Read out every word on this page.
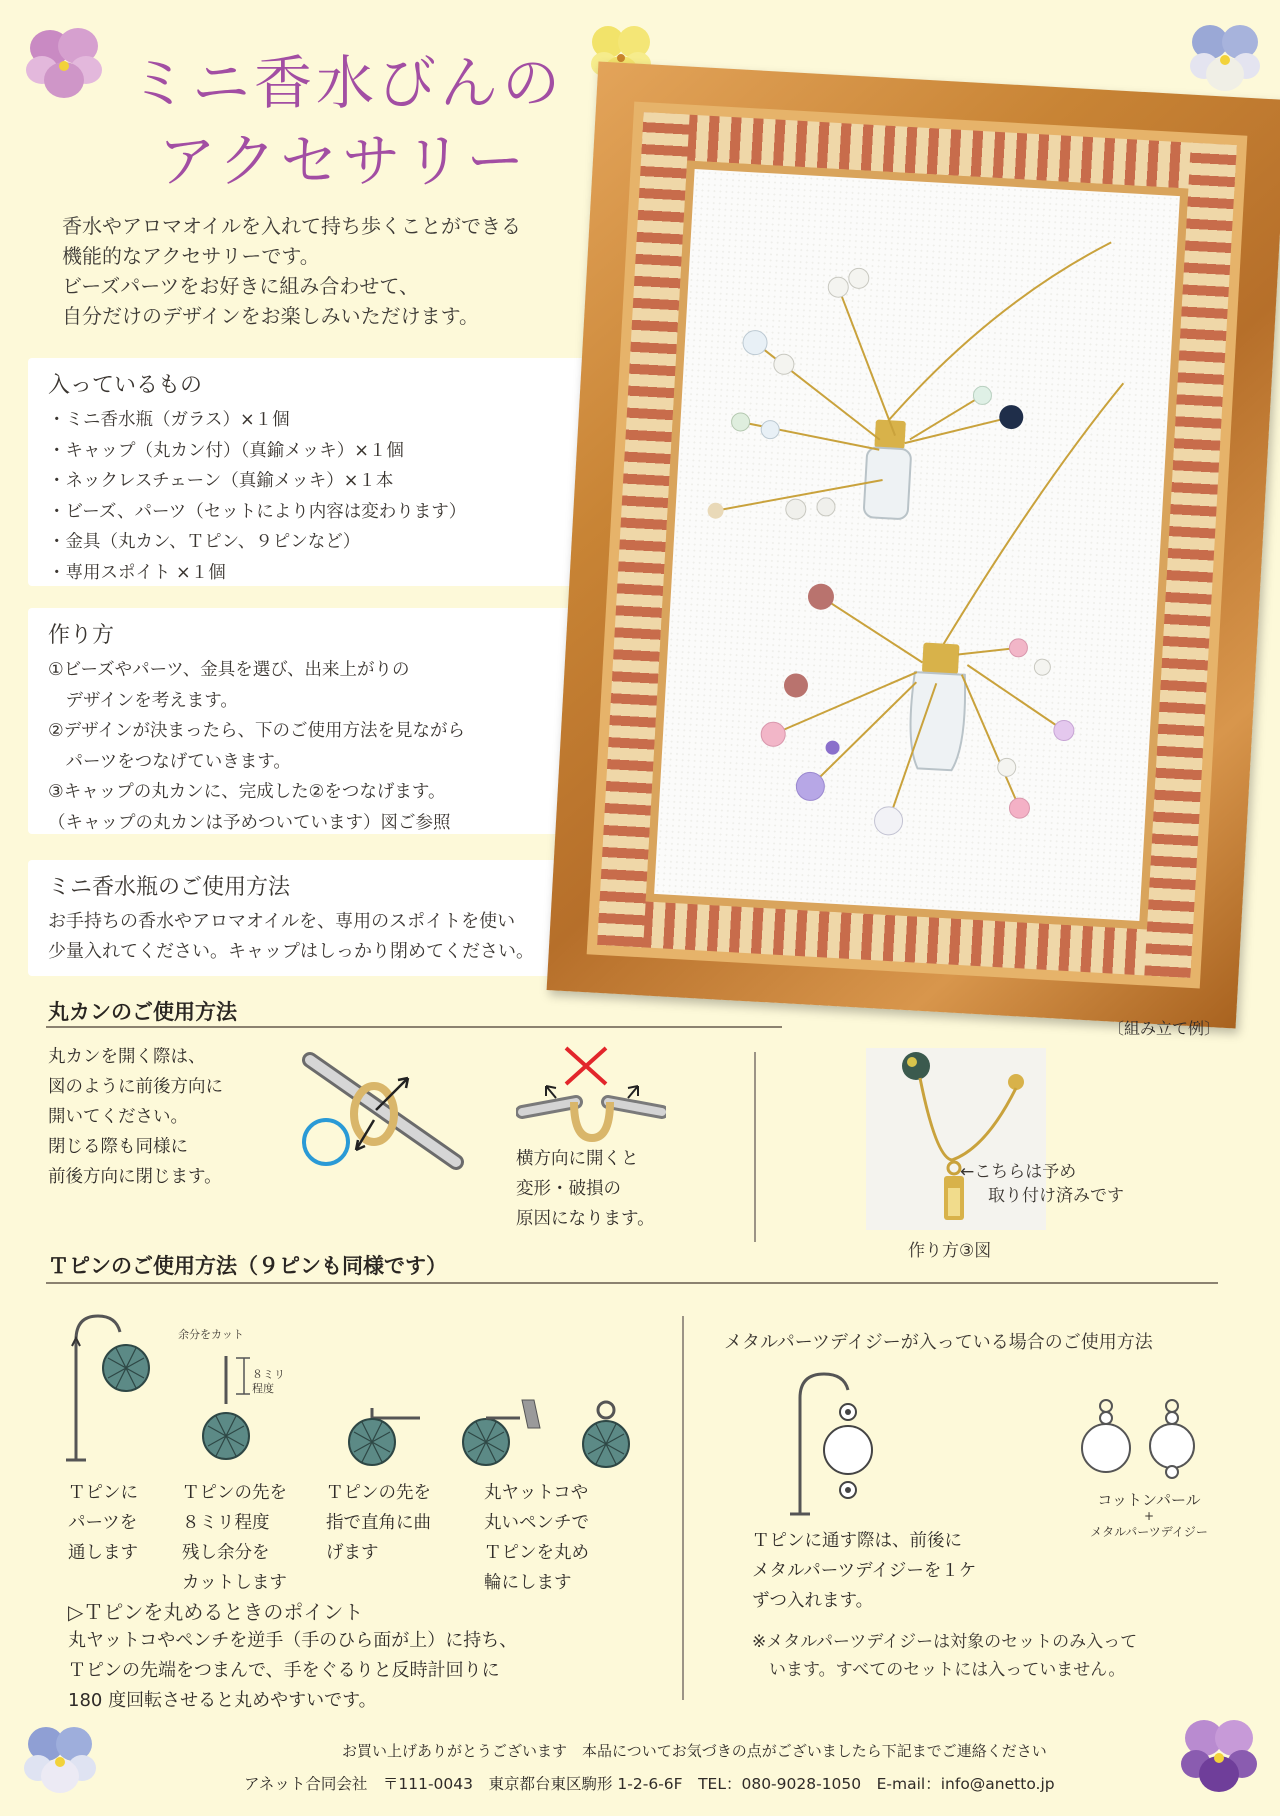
ミニ香水びんの
アクセサリー
香水やアロマオイルを入れて持ち歩くことができる
機能的なアクセサリーです。
ビーズパーツをお好きに組み合わせて、
自分だけのデザインをお楽しみいただけます。
入っているもの
・ミニ香水瓶（ガラス）×１個
・キャップ（丸カン付）（真鍮メッキ）×１個
・ネックレスチェーン（真鍮メッキ）×１本
・ビーズ、パーツ（セットにより内容は変わります）
・金具（丸カン、Ｔピン、９ピンなど）
・専用スポイト ×１個
作り方
①ビーズやパーツ、金具を選び、出来上がりの
　デザインを考えます。
②デザインが決まったら、下のご使用方法を見ながら
　パーツをつなげていきます。
③キャップの丸カンに、完成した②をつなげます。
（キャップの丸カンは予めついています）図ご参照
ミニ香水瓶のご使用方法

お手持ちの香水やアロマオイルを、専用のスポイトを使い

少量入れてください。キャップはしっかり閉めてください。

〔組み立て例〕
丸カンのご使用方法
丸カンを開く際は、
図のように前後方向に
開いてください。
閉じる際も同様に
前後方向に閉じます。
横方向に開くと
変形・破損の
原因になります。
←こちらは予め
取り付け済みです
作り方③図
Ｔピンのご使用方法（９ピンも同様です）
余分をカット
８ミリ
程度
Ｔピンに
パーツを
通します
Ｔピンの先を
８ミリ程度
残し余分を
カットします
Ｔピンの先を
指で直角に曲
げます
丸ヤットコや
丸いペンチで
Ｔピンを丸め
輪にします
▷Ｔピンを丸めるときのポイント
丸ヤットコやペンチを逆手（手のひら面が上）に持ち、
Ｔピンの先端をつまんで、手をぐるりと反時計回りに
180 度回転させると丸めやすいです。
メタルパーツデイジーが入っている場合のご使用方法
Ｔピンに通す際は、前後に
メタルパーツデイジーを１ケ
ずつ入れます。
コットンパール
+
メタルパーツデイジー
※メタルパーツデイジーは対象のセットのみ入って
　います。すべてのセットには入っていません。
お買い上げありがとうございます　本品についてお気づきの点がございましたら下記までご連絡ください
アネット合同会社　〒111-0043　東京都台東区駒形 1-2-6-6F　TEL：080-9028-1050　E-mail：info@anetto.jp
